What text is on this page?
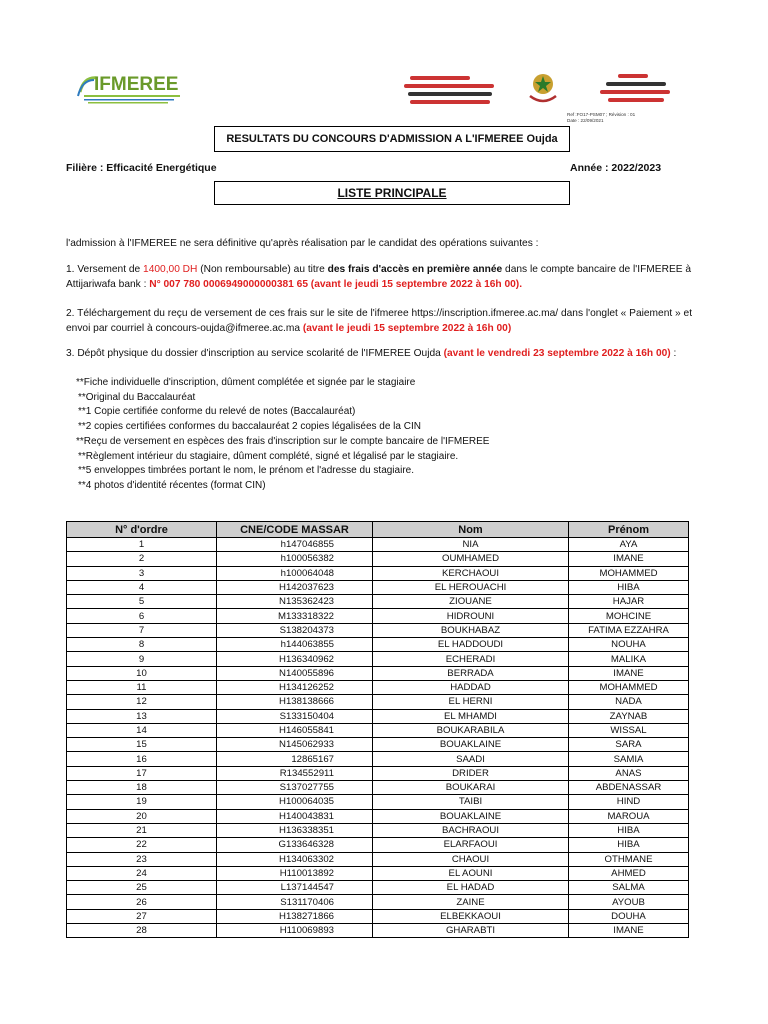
IFMEREE
Ref :FO17-PSM07 ; Révision : 01
Date : 22/09/2021
RESULTATS DU CONCOURS D'ADMISSION A L'IFMEREE Oujda
Filière : Efficacité Energétique	Année : 2022/2023
LISTE PRINCIPALE
l'admission à l'IFMEREE ne sera définitive qu'après réalisation par le candidat des opérations suivantes :
1. Versement de 1400,00 DH (Non remboursable) au titre des frais d'accès en première année dans le compte bancaire de l'IFMEREE à Attijariwafa bank : N° 007 780 0006949000000381 65 (avant le jeudi 15 septembre 2022 à 16h 00).
2. Téléchargement du reçu de versement de ces frais sur le site de l'ifmeree https://inscription.ifmeree.ac.ma/ dans l'onglet « Paiement » et envoi par courriel à concours-oujda@ifmeree.ac.ma (avant le jeudi 15 septembre 2022 à 16h 00)
3. Dépôt physique du dossier d'inscription au service scolarité de l'IFMEREE Oujda (avant le vendredi 23 septembre 2022 à 16h 00) :
**Fiche individuelle d'inscription, dûment complétée et signée par le stagiaire
**Original du Baccalauréat
**1 Copie certifiée conforme du relevé de notes (Baccalauréat)
**2 copies certifiées conformes du baccalauréat 2 copies légalisées de la CIN
**Reçu de versement en espèces des frais d'inscription sur le compte bancaire de l'IFMEREE
**Règlement intérieur du stagiaire, dûment complété, signé et légalisé par le stagiaire.
**5 enveloppes timbrées portant le nom, le prénom et l'adresse du stagiaire.
**4 photos d'identité récentes (format CIN)
N° d'ordre	CNE/CODE MASSAR	Nom	Prénom
1	h147046855	NIA	AYA
2	h100056382	OUMHAMED	IMANE
3	h100064048	KERCHAOUI	MOHAMMED
4	H142037623	EL HEROUACHI	HIBA
5	N135362423	ZIOUANE	HAJAR
6	M133318322	HIDROUNI	MOHCINE
7	S138204373	BOUKHABAZ	FATIMA EZZAHRA
8	h144063855	EL HADDOUDI	NOUHA
9	H136340962	ECHERADI	MALIKA
10	N140055896	BERRADA	IMANE
11	H134126252	HADDAD	MOHAMMED
12	H138138666	EL HERNI	NADA
13	S133150404	EL MHAMDI	ZAYNAB
14	H146055841	BOUKARABILA	WISSAL
15	N145062933	BOUAKLAINE	SARA
16	12865167	SAADI	SAMIA
17	R134552911	DRIDER	ANAS
18	S137027755	BOUKARAI	ABDENASSAR
19	H100064035	TAIBI	HIND
20	H140043831	BOUAKLAINE	MAROUA
21	H136338351	BACHRAOUI	HIBA
22	G133646328	ELARFAOUI	HIBA
23	H134063302	CHAOUI	OTHMANE
24	H110013892	EL AOUNI	AHMED
25	L137144547	EL HADAD	SALMA
26	S131170406	ZAINE	AYOUB
27	H138271866	ELBEKKAOUI	DOUHA
28	H110069893	GHARABTI	IMANE
